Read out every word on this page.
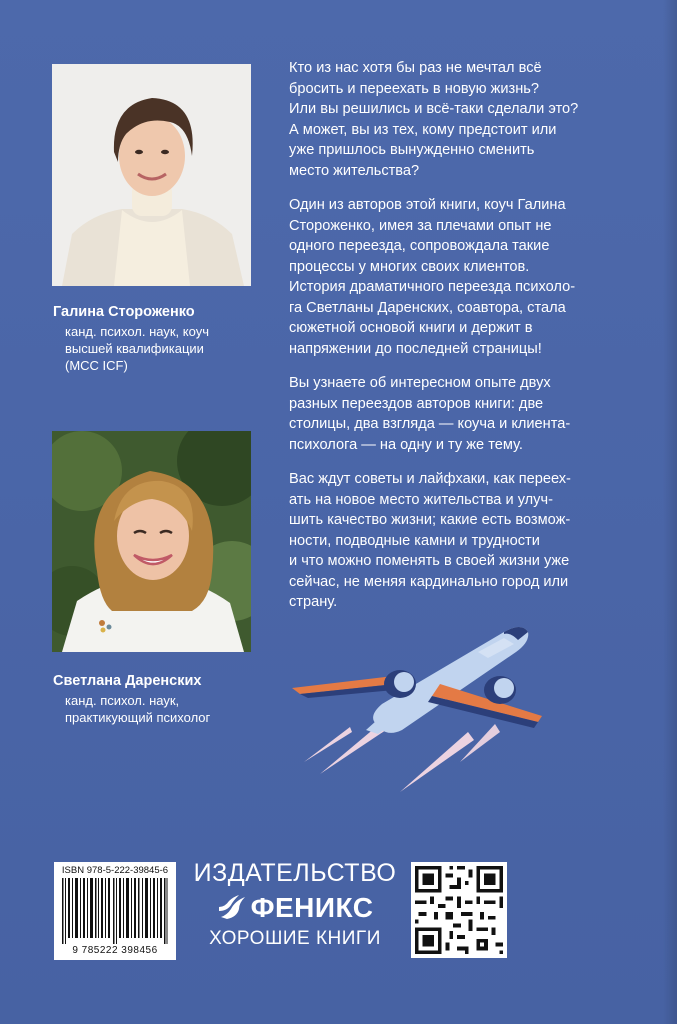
Галина Стороженко

канд. психол. наук, коуч
высшей квалификации
(MCC ICF)

Светлана Даренских

канд. психол. наук,
практикующий психолог

Кто из нас хотя бы раз не мечтал всё
бросить и переехать в новую жизнь?
Или вы решились и всё-таки сделали это?
А может, вы из тех, кому предстоит или
уже пришлось вынужденно сменить
место жительства?

Один из авторов этой книги, коуч Галина
Стороженко, имея за плечами опыт не
одного переезда, сопровождала такие
процессы у многих своих клиентов.
История драматичного переезда психоло-
га Светланы Даренских, соавтора, стала
сюжетной основой книги и держит в
напряжении до последней страницы!

Вы узнаете об интересном опыте двух
разных переездов авторов книги: две
столицы, два взгляда — коуча и клиента-
психолога — на одну и ту же тему.

Вас ждут советы и лайфхаки, как переех-
ать на новое место жительства и улуч-
шить качество жизни; какие есть возмож-
ности, подводные камни и трудности
и что можно поменять в своей жизни уже
сейчас, не меняя кардинально город или
страну.

ISBN 978-5-222-39845-6
9 785222 398456
ИЗДАТЕЛЬСТВО
ФЕНИКС
ХОРОШИЕ КНИГИ
